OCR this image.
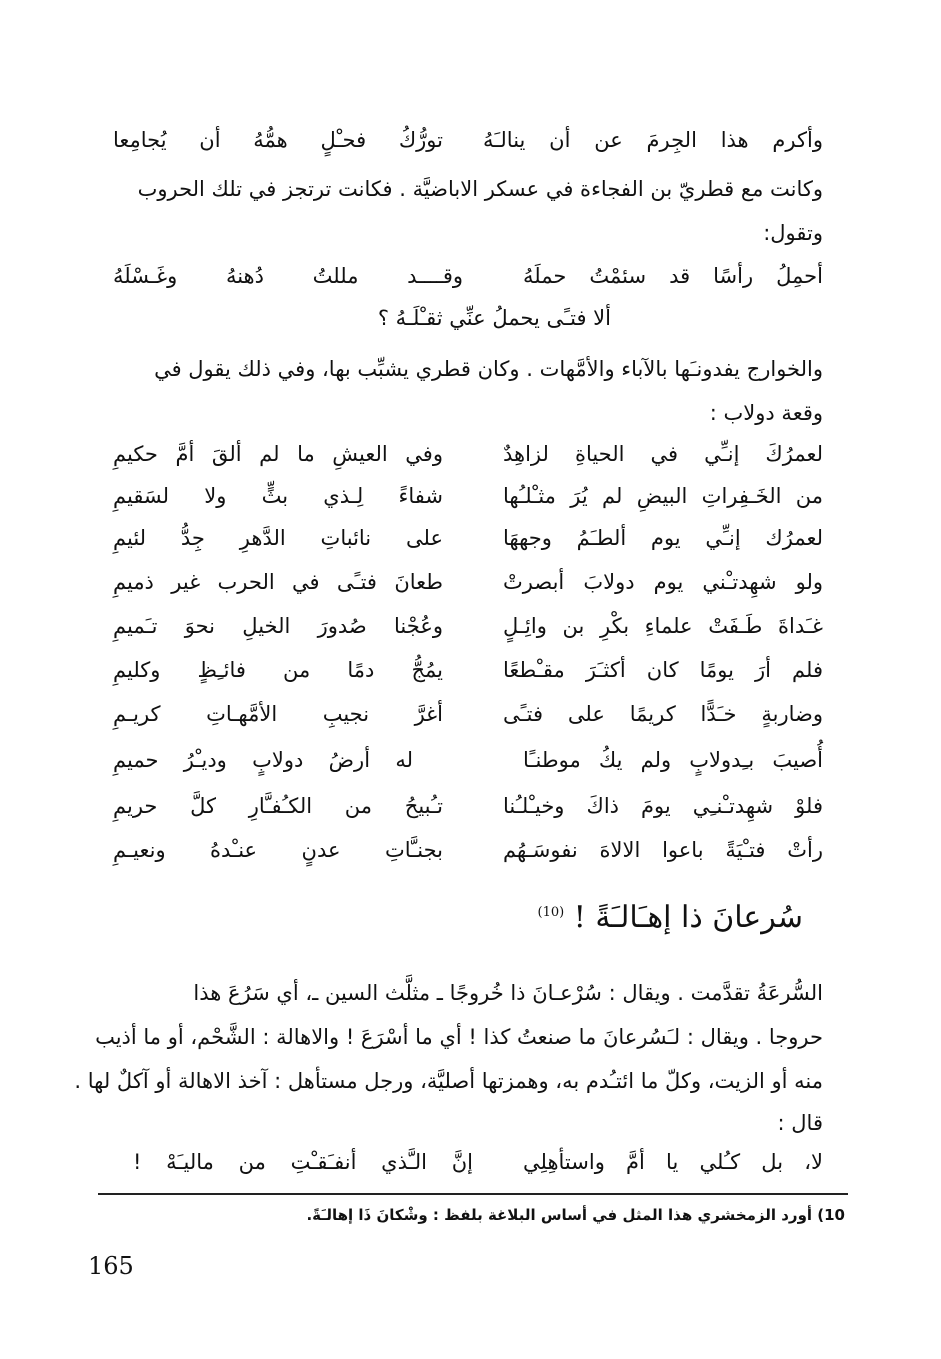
وأكرم هذا الجِرمَ عن أن ينالـَهُ
تورُّكُ فحـْلٍ همُّهُ أن يُجامِعا
وكانت مع قطريّ بن الفجاءة في عسكر الاباضيَّة . فكانت ترتجز في تلك الحروب
وتقول:
أحمِلُ رأسًا قد سئمْتُ حملَهُ
وقــــد مللتُ دُهنهُ وغَـسْلَهُ
ألا فتـًى يحملُ عنِّي ثقـْلَـهُ ؟
والخوارج يفدونـَها بالآباء والأمَّهات . وكان قطري يشبِّب بها، وفي ذلك يقول في
وقعة دولاب :
لعمرُكَ إنـِّي في الحياةِ لزاهِدٌ
وفي العيشِ ما لم ألقَ أمَّ حكيمِ
من الخَـفِراتِ البيضِ لم يُرَ مثـْلـُها
شفاءً لِـذي بثٍّ ولا لسَقيمِ
لعمرُك إنـِّي يوم ألطـَمُ وجههَا
على نائباتِ الدَّهرِ جِدُّ لئيمِ
ولو شهِدتـْني يوم دولابَ أبصرتْ
طعانَ فتـًى في الحرب غير ذميمِ
غـَداةَ طَـفَتْ علماءِ بكْرِ بن وائِـلٍ
وعُجْنا صُدورَ الخيلِ نحوَ تـَميمِ
فلم أرَ يومًا كان أكثـَرَ مقـْطعًا
يمُجُّ دمًا من فائـِظٍ وكليمِ
وضاربةٍ خـَدًّا كريمًا على فتـًى
أغرَّ نجيبِ الأمَّهـاتِ كريـمِ
أُصيبَ بـِدولابٍ ولم يكُ موطنـًا
له أرضُ دولابٍ وديـْرُ حميمِ
فلوْ شهِدتـْنـِي يومَ ذاكَ وخيـْلـُنا
تـُبيحُ من الكـُفـَّارِ كلَّ حريمِ
رأتْ فتـْيَةً باعوا الالاهَ نفوسَـهُم
بجنـَّاتِ عدنٍ عنـْدهُ ونعيـمِ
سُرعانَ ذا إهـَالـَةً ! $^{(10)}$
السُّرعَةُ تقدَّمت . ويقال : سُرْعـانَ ذا خُروجًا ـ مثلَّث السين ـ، أي سَرُعَ هذا
حروجا . ويقال : لـَسُرعانَ ما صنعتُ كذا ! أي ما أسْرَعَ ! والاهالة : الشَّحْم، أو ما أذيب
منه أو الزيت، وكلّ ما ائتـُدم به، وهمزتها أصليَّة، ورجل مستأهل : آخذ الاهالة أو آكلٌ لها .
قال :
لا، بل كـُلي يا أمَّ واستأهِلِي
إنَّ الـَّذي أنفـَقـْتِ من ماليـَهْ !
10) أورد الزمخشري هذا المثل في أساس البلاغة بلفظ : وشْكانَ ذَا إهالـَةً.
165
